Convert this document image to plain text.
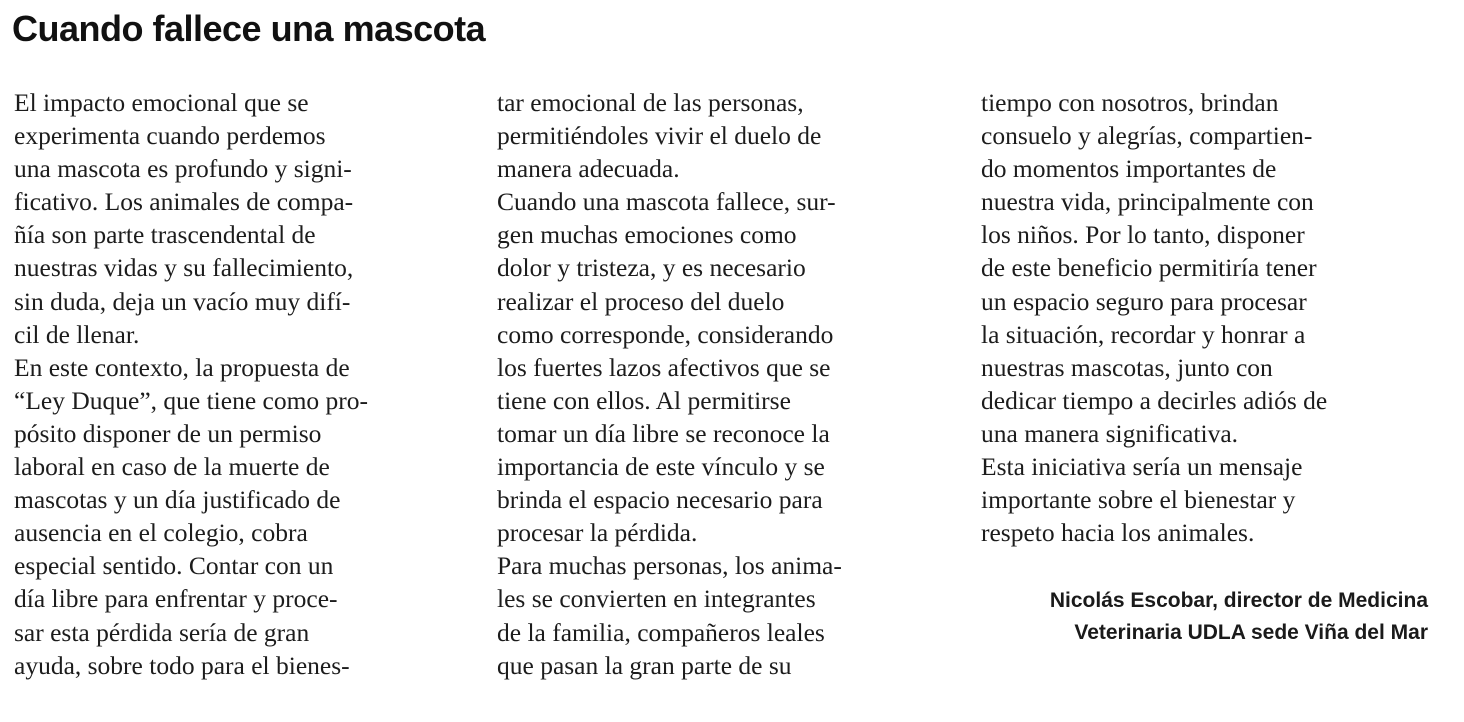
Cuando fallece una mascota
El impacto emocional que se
experimenta cuando perdemos
una mascota es profundo y signi-
ficativo. Los animales de compa-
ñía son parte trascendental de
nuestras vidas y su fallecimiento,
sin duda, deja un vacío muy difí-
cil de llenar.
En este contexto, la propuesta de
“Ley Duque”, que tiene como pro-
pósito disponer de un permiso
laboral en caso de la muerte de
mascotas y un día justificado de
ausencia en el colegio, cobra
especial sentido. Contar con un
día libre para enfrentar y proce-
sar esta pérdida sería de gran
ayuda, sobre todo para el bienes-
tar emocional de las personas,
permitiéndoles vivir el duelo de
manera adecuada.
Cuando una mascota fallece, sur-
gen muchas emociones como
dolor y tristeza, y es necesario
realizar el proceso del duelo
como corresponde, considerando
los fuertes lazos afectivos que se
tiene con ellos. Al permitirse
tomar un día libre se reconoce la
importancia de este vínculo y se
brinda el espacio necesario para
procesar la pérdida.
Para muchas personas, los anima-
les se convierten en integrantes
de la familia, compañeros leales
que pasan la gran parte de su
tiempo con nosotros, brindan
consuelo y alegrías, compartien-
do momentos importantes de
nuestra vida, principalmente con
los niños. Por lo tanto, disponer
de este beneficio permitiría tener
un espacio seguro para procesar
la situación, recordar y honrar a
nuestras mascotas, junto con
dedicar tiempo a decirles adiós de
una manera significativa.
Esta iniciativa sería un mensaje
importante sobre el bienestar y
respeto hacia los animales.
Nicolás Escobar, director de Medicina
Veterinaria UDLA sede Viña del Mar
